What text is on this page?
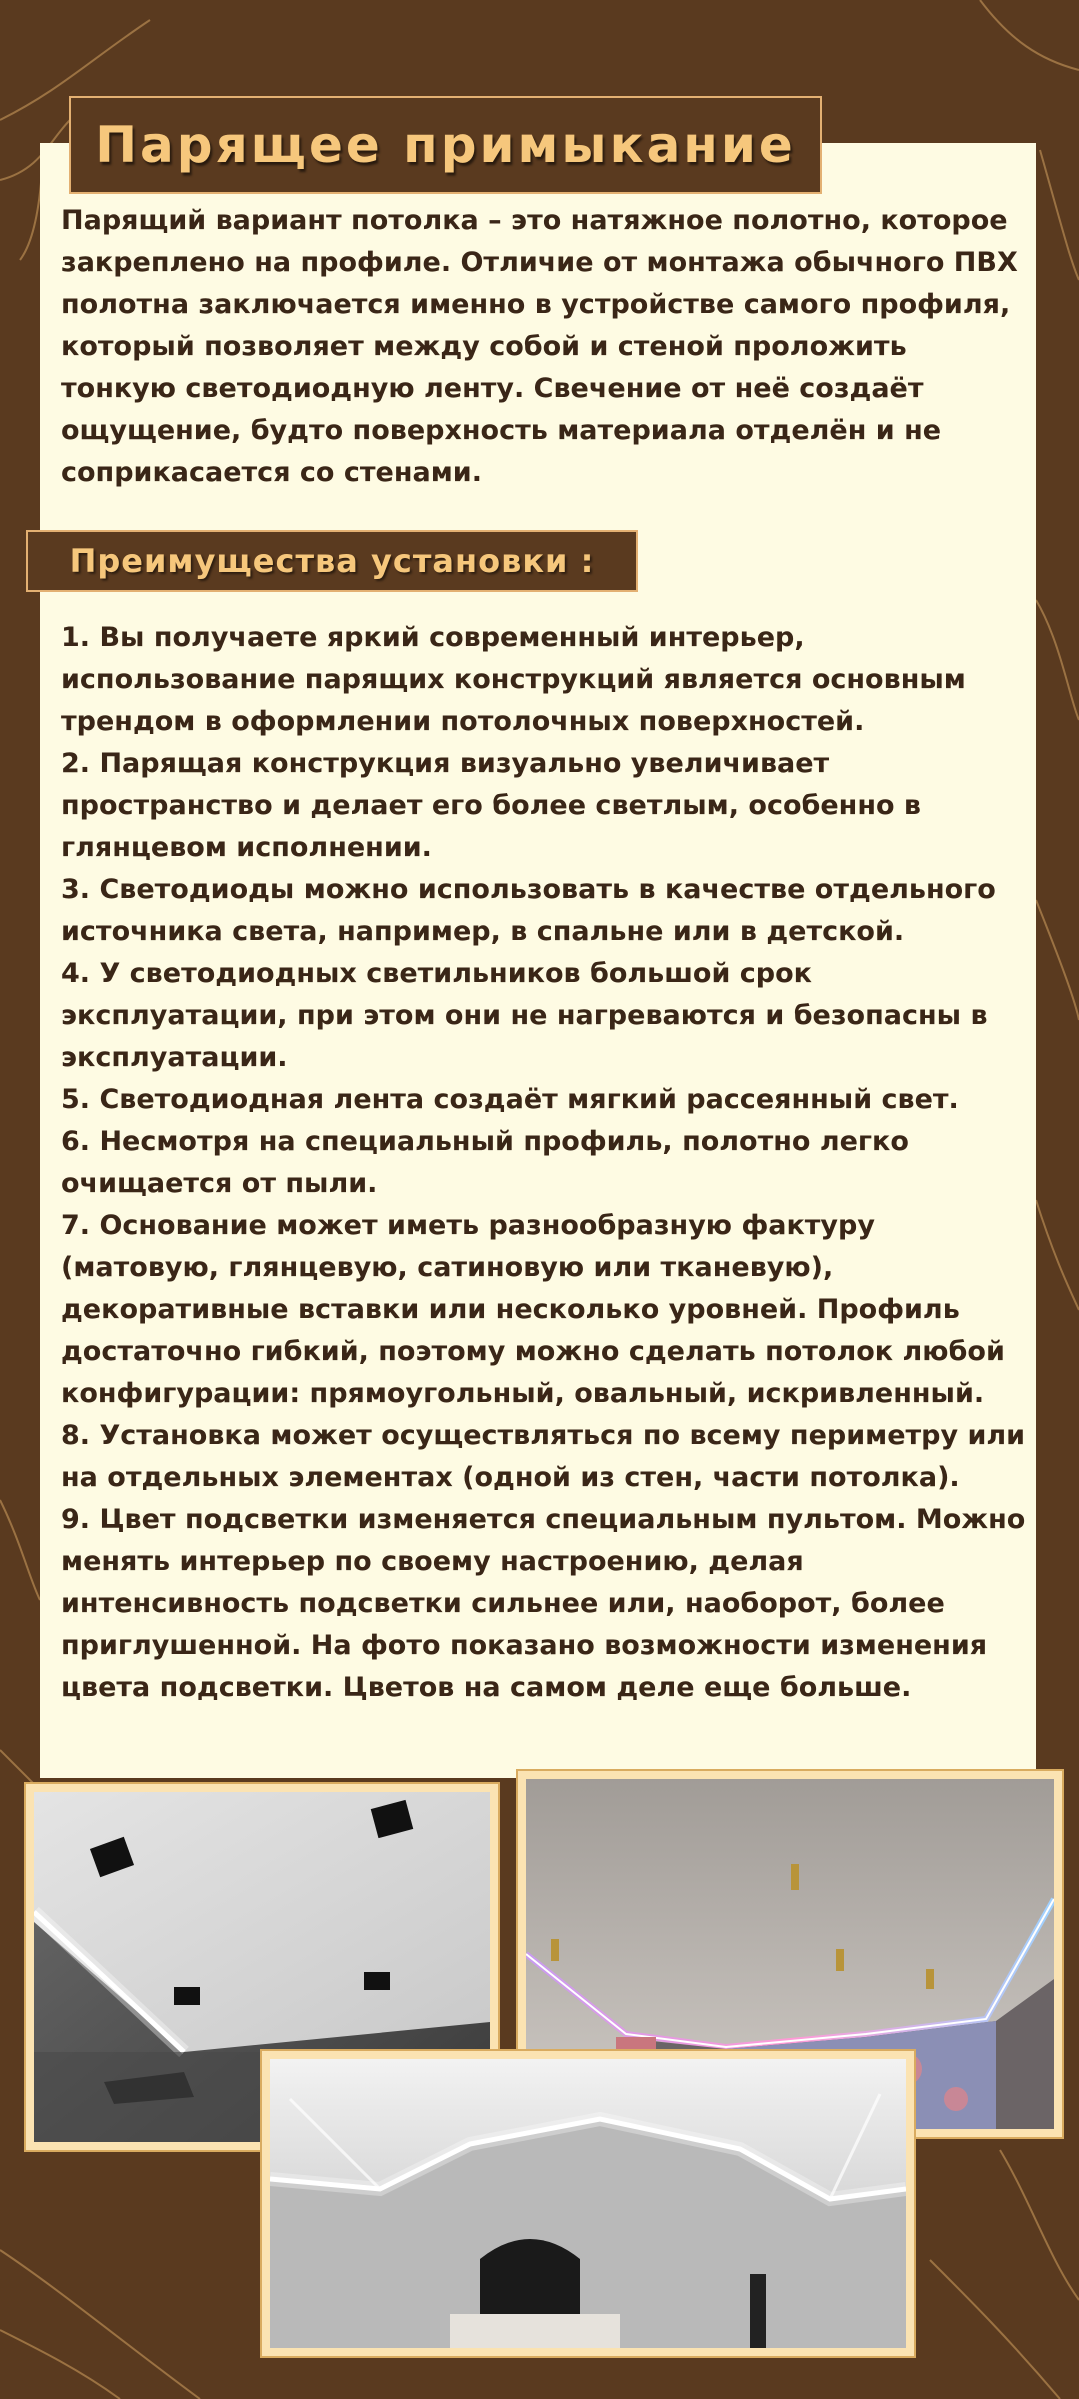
Парящее примыкание

Парящий вариант потолка – это натяжное полотно, которое закреплено на профиле. Отличие от монтажа обычного ПВХ полотна заключается именно в устройстве самого профиля, который позволяет между собой и стеной проложить тонкую светодиодную ленту. Свечение от неё создаёт ощущение, будто поверхность материала отделён и не соприкасается со стенами.

Преимущества установки :
1. Вы получаете яркий современный интерьер, использование парящих конструкций является основным трендом в оформлении потолочных поверхностей.
2. Парящая конструкция визуально увеличивает пространство и делает его более светлым, особенно в глянцевом исполнении.
3. Светодиоды можно использовать в качестве отдельного источника света, например, в спальне или в детской.
4. У светодиодных светильников большой срок эксплуатации, при этом они не нагреваются и безопасны в эксплуатации.
5. Светодиодная лента создаёт мягкий рассеянный свет.
6. Несмотря на специальный профиль, полотно легко очищается от пыли.
7. Основание может иметь разнообразную фактуру (матовую, глянцевую, сатиновую или тканевую), декоративные вставки или несколько уровней. Профиль достаточно гибкий, поэтому можно сделать потолок любой конфигурации: прямоугольный, овальный, искривленный.
8. Установка может осуществляться по всему периметру или на отдельных элементах (одной из стен, части потолка).
9. Цвет подсветки изменяется специальным пультом. Можно менять интерьер по своему настроению, делая интенсивность подсветки сильнее или, наоборот, более приглушенной. На фото показано возможности изменения цвета подсветки. Цветов на самом деле еще больше.
